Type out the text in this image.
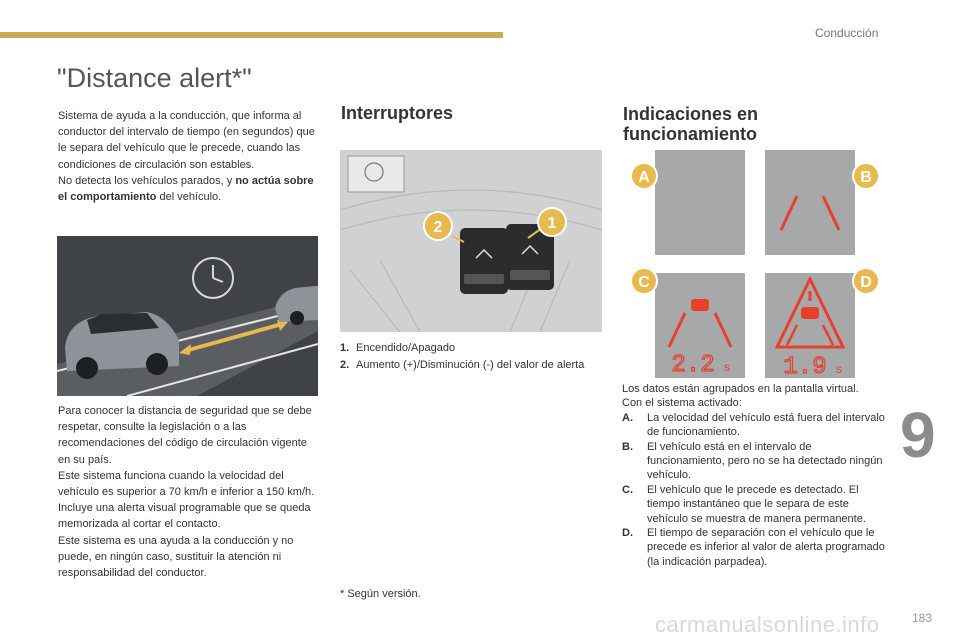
Conducción
"Distance alert*"
Sistema de ayuda a la conducción, que informa al conductor del intervalo de tiempo (en segundos) que le separa del vehículo que le precede, cuando las condiciones de circulación son estables.
No detecta los vehículos parados, y no actúa sobre el comportamiento del vehículo.
Para conocer la distancia de seguridad que se debe respetar, consulte la legislación o a las recomendaciones del código de circulación vigente en su país.
Este sistema funciona cuando la velocidad del vehículo es superior a 70 km/h e inferior a 150 km/h.
Incluye una alerta visual programable que se queda memorizada al cortar el contacto.
Este sistema es una ayuda a la conducción y no puede, en ningún caso, sustituir la atención ni responsabilidad del conductor.
Interruptores
2	1
1. Encendido/Apagado
2. Aumento (+)/Disminución (-) del valor de alerta
* Según versión.
Indicaciones en
funcionamiento
A	B
2.2 s
C
1.9 s
D
Los datos están agrupados en la pantalla virtual.
Con el sistema activado:
A.	La velocidad del vehículo está fuera del intervalo de funcionamiento.
B.	El vehículo está en el intervalo de funcionamiento, pero no se ha detectado ningún vehículo.
C.	El vehículo que le precede es detectado. El tiempo instantáneo que le separa de este vehículo se muestra de manera permanente.
D.	El tiempo de separación con el vehículo que le precede es inferior al valor de alerta programado (la indicación parpadea).
9
carmanualsonline.info	183
